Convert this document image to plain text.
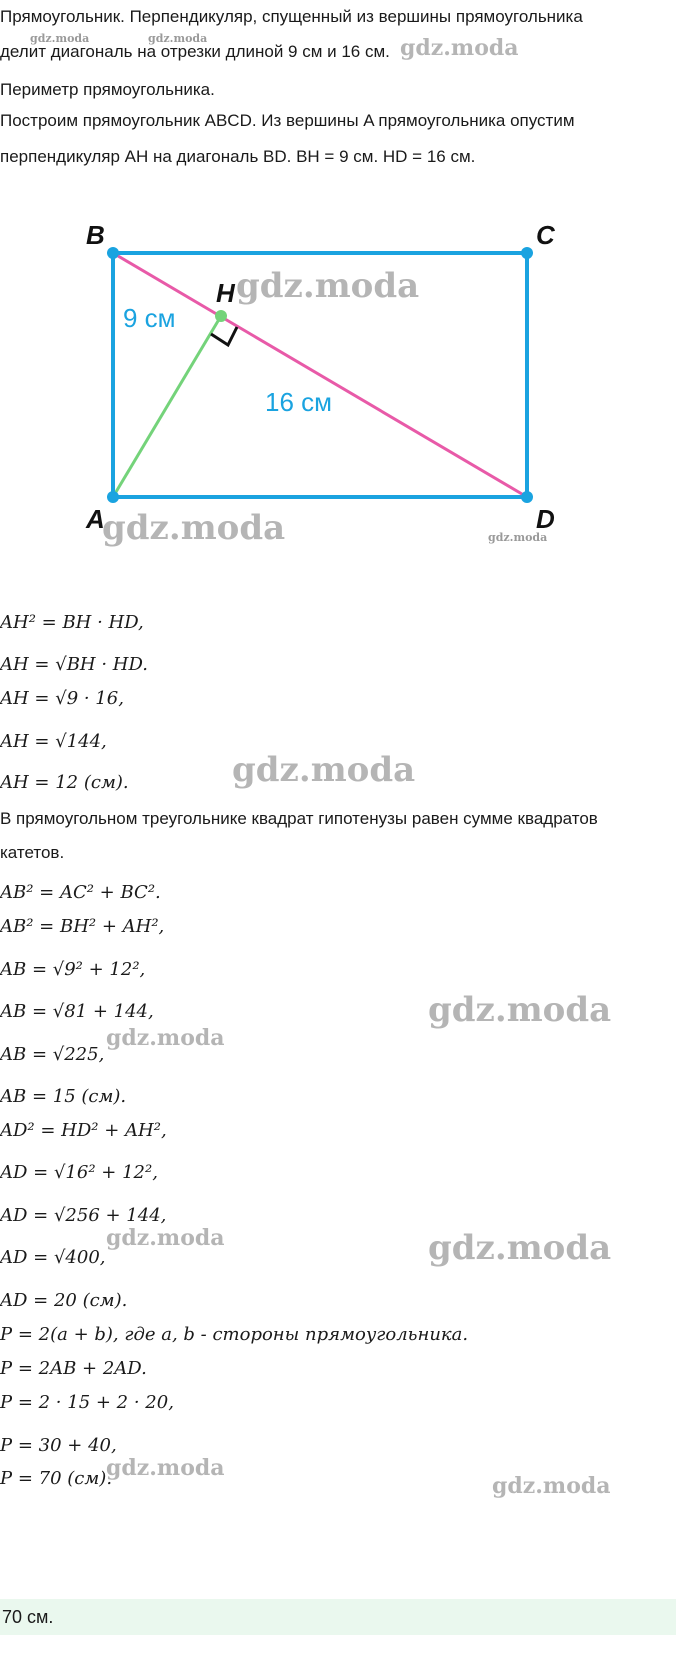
Прямоугольник. Перпендикуляр, спущенный из вершины прямоугольника
делит диагональ на отрезки длиной 9 см и 16 см.
Периметр прямоугольника.
Построим прямоугольник ABCD. Из вершины A прямоугольника опустим
перпендикуляр AH на диагональ BD. BH = 9 см. HD = 16 см.
B	C
A	D
H
9 см
16 см
AH² = BH · HD,
AH = √BH · HD.
AH = √9 · 16,
AH = √144,
AH = 12 (см).
В прямоугольном треугольнике квадрат гипотенузы равен сумме квадратов
катетов.
AB² = AC² + BC².
AB² = BH² + AH²,
AB = √9² + 12²,
AB = √81 + 144,
AB = √225,
AB = 15 (см).
AD² = HD² + AH²,
AD = √16² + 12²,
AD = √256 + 144,
AD = √400,
AD = 20 (см).
P = 2(a + b), где a, b - стороны прямоугольника.
P = 2AB + 2AD.
P = 2 · 15 + 2 · 20,
P = 30 + 40,
P = 70 (см).
70 см.
gdz.moda
gdz.moda	gdz.moda
gdz.moda
gdz.moda	gdz.moda
gdz.moda
gdz.moda
gdz.moda
gdz.moda	gdz.moda
gdz.moda
gdz.moda
